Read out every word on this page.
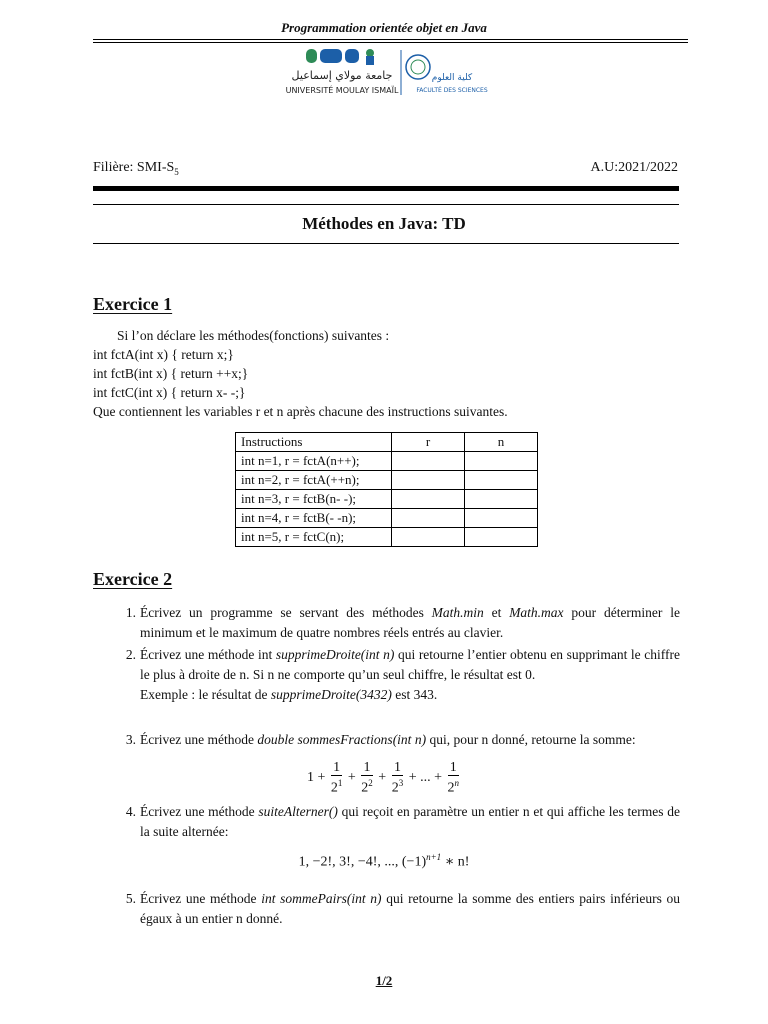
Programmation orientée objet en Java
جامعة مولاي إسماعيل
UNIVERSITÉ MOULAY ISMAÏL
كلية العلوم
FACULTÉ DES SCIENCES
Filière: SMI-$S_5$	A.U:2021/2022
Méthodes en Java: TD
Exercice 1
Si l’on déclare les méthodes(fonctions) suivantes :
int fctA(int x) { return x;}
int fctB(int x) { return ++x;}
int fctC(int x) { return x- -;}
Que contiennent les variables r et n après chacune des instructions suivantes.
Instructions	r	n
int n=1, r = fctA(n++);		
int n=2, r = fctA(++n);		
int n=3, r = fctB(n- -);		
int n=4, r = fctB(- -n);		
int n=5, r = fctC(n);		
Exercice 2
1. Écrivez un programme se servant des méthodes Math.min et Math.max pour déterminer le minimum et le maximum de quatre nombres réels entrés au clavier.
2. Écrivez une méthode int supprimeDroite(int n) qui retourne l’entier obtenu en supprimant le chiffre le plus à droite de n. Si n ne comporte qu’un seul chiffre, le résultat est 0.
Exemple : le résultat de supprimeDroite(3432) est 343.
3. Écrivez une méthode double sommesFractions(int n) qui, pour n donné, retourne la somme:
4. Écrivez une méthode suiteAlterner() qui reçoit en paramètre un entier n et qui affiche les termes de la suite alternée:
5. Écrivez une méthode int sommePairs(int n) qui retourne la somme des entiers pairs inférieurs ou égaux à un entier n donné.
$1 + \frac{1}{2^1} + \frac{1}{2^2} + \frac{1}{2^3}$ + ... + $\frac{1}{2^n}$
1, −2!, 3!, −4!, ..., $(-1)^{n+1}$ ∗ n!
1/2
